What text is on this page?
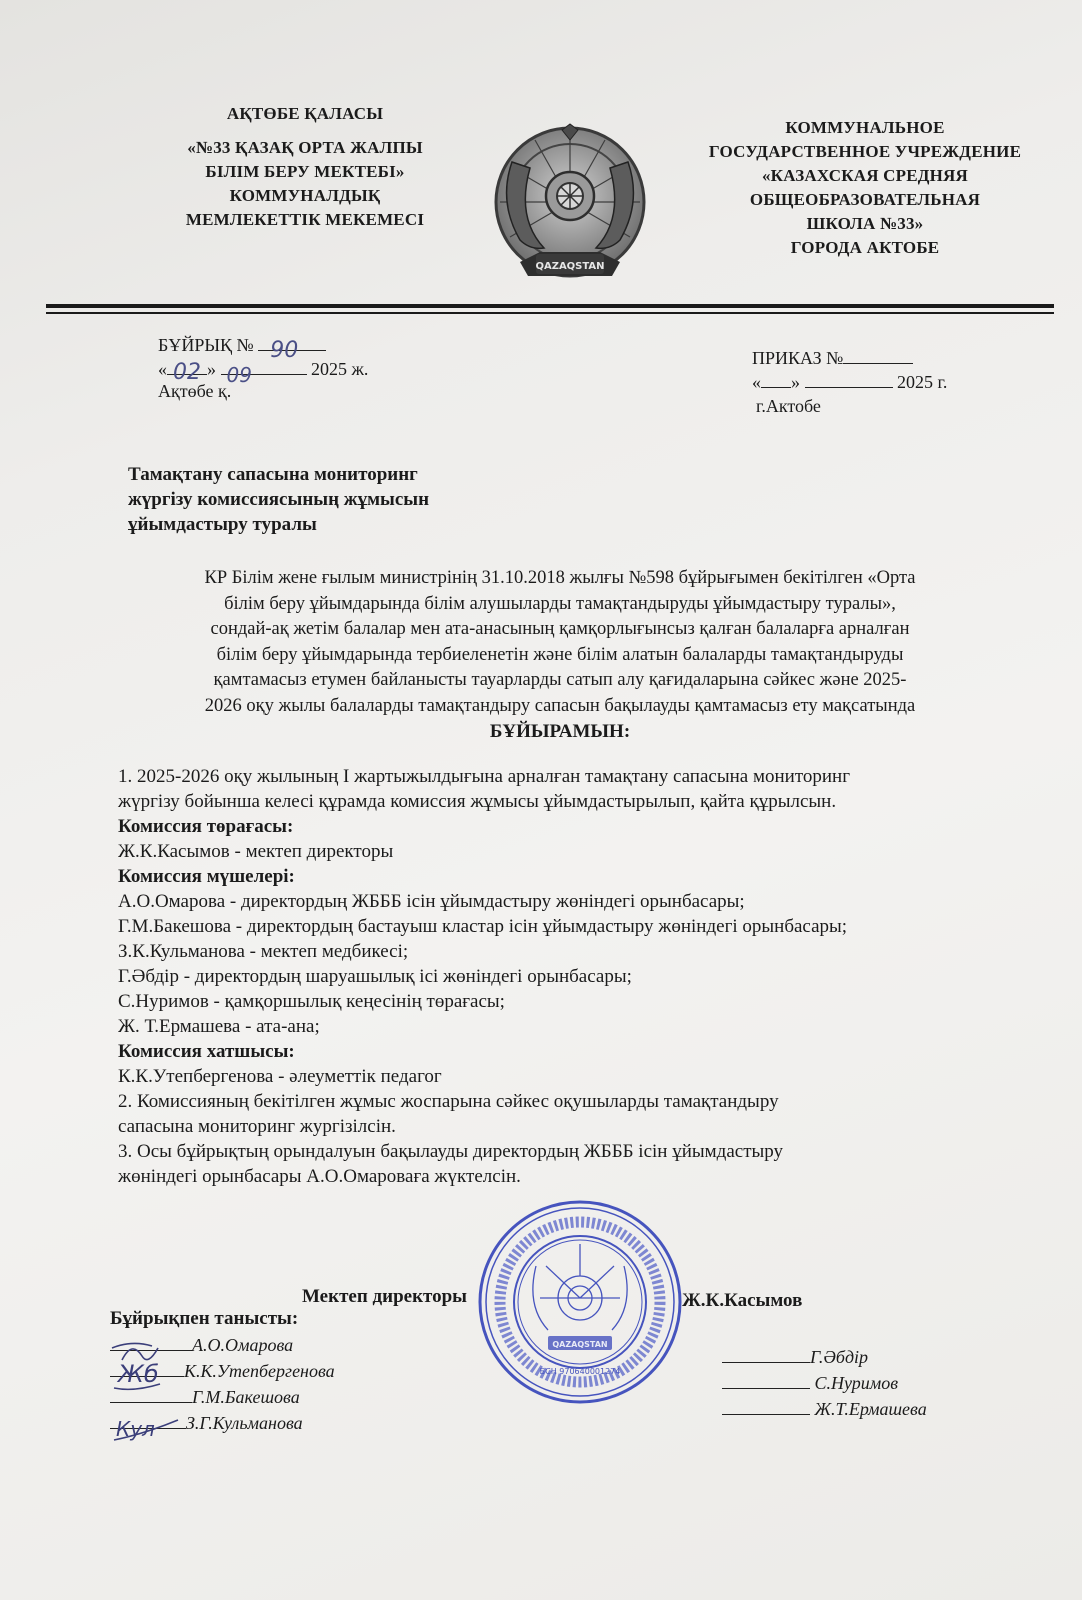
АҚТӨБЕ ҚАЛАСЫ
«№33 ҚАЗАҚ ОРТА ЖАЛПЫ
БІЛІМ БЕРУ МЕКТЕБІ»
КОММУНАЛДЫҚ
МЕМЛЕКЕТТІК МЕКЕМЕСІ
КОММУНАЛЬНОЕ
ГОСУДАРСТВЕННОЕ УЧРЕЖДЕНИЕ
«КАЗАХСКАЯ СРЕДНЯЯ
ОБЩЕОБРАЗОВАТЕЛЬНАЯ
ШКОЛА №33»
ГОРОДА АКТОБЕ
QAZAQSTAN
БҰЙРЫҚ № 90
« 02 » 09	2025 ж.
Ақтөбе қ.
ПРИКАЗ №
« »	2025 г.
г.Актобе
Тамақтану сапасына мониторинг
жүргізу комиссиясының жұмысын
ұйымдастыру туралы
КР Білім жене ғылым министрінің 31.10.2018 жылғы №598 бұйрығымен бекітілген «Орта
білім беру ұйымдарында білім алушыларды тамақтандыруды ұйымдастыру туралы»,
сондай-ақ жетім балалар мен ата-анасының қамқорлығынсыз қалған балаларға арналған
білім беру ұйымдарында тербиеленетін және білім алатын балаларды тамақтандыруды
қамтамасыз етумен байланысты тауарларды сатып алу қағидаларына сәйкес және 2025-
2026 оқу жылы балаларды тамақтандыру сапасын бақылауды қамтамасыз ету мақсатында
БҰЙЫРАМЫН:
1. 2025-2026 оқу жылының І жартыжылдығына арналған тамақтану сапасына мониторинг
жүргізу бойынша келесі құрамда комиссия жұмысы ұйымдастырылып, қайта құрылсын.
Комиссия төрағасы:
Ж.К.Касымов - мектеп директоры
Комиссия мүшелері:
А.О.Омарова - директордың ЖБББ ісін ұйымдастыру жөніндегі орынбасары;
Г.М.Бакешова - директордың бастауыш кластар ісін ұйымдастыру жөніндегі орынбасары;
З.К.Кульманова - мектеп медбикесі;
Г.Әбдір - директордың шаруашылық ісі жөніндегі орынбасары;
С.Нуримов - қамқоршылық кеңесінің төрағасы;
Ж. Т.Ермашева - ата-ана;
Комиссия хатшысы:
К.К.Утепбергенова - әлеуметтік педагог
2. Комиссияның бекітілген жұмыс жоспарына сәйкес оқушыларды тамақтандыру
сапасына мониторинг жургізілсін.
3. Осы бұйрықтың орындалуын бақылауды директордың ЖБББ ісін ұйымдастыру
жөніндегі орынбасары А.О.Омароваға жүктелсін.
Мектеп директоры	Ж.К.Касымов
Бұйрықпен танысты:
А.О.Омарова
К.К.Утепбергенова
Г.М.Бакешова
З.Г.Кульманова
Жб
Кул
Г.Әбдір
С.Нуримов
Ж.Т.Ермашева
QAZAQSTAN
БСН 970640001274
